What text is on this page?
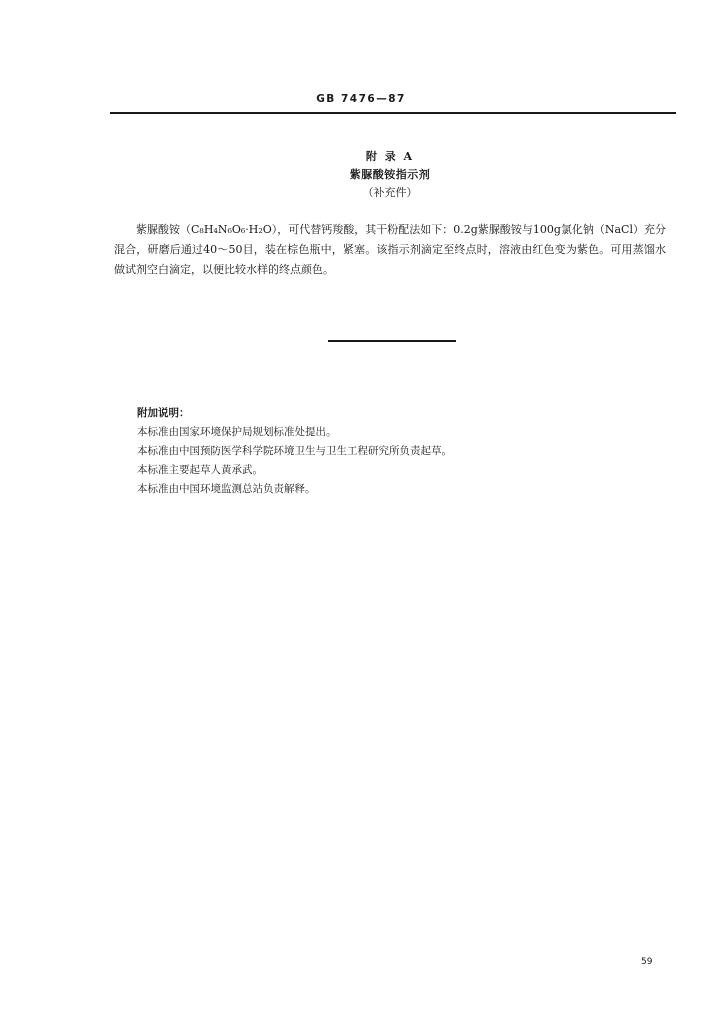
GB 7476—87
附 录 A
紫脲酸铵指示剂
（补充件）
紫脲酸铵（C₈H₄N₆O₆·H₂O），可代替钙羧酸，其干粉配法如下：0.2g紫脲酸铵与100g氯化钠（NaCl）充分混合，研磨后通过40～50目，装在棕色瓶中，紧塞。该指示剂滴定至终点时，溶液由红色变为紫色。可用蒸馏水做试剂空白滴定，以便比较水样的终点颜色。
附加说明：
本标准由国家环境保护局规划标准处提出。
本标准由中国预防医学科学院环境卫生与卫生工程研究所负责起草。
本标准主要起草人黄承武。
本标准由中国环境监测总站负责解释。
59
